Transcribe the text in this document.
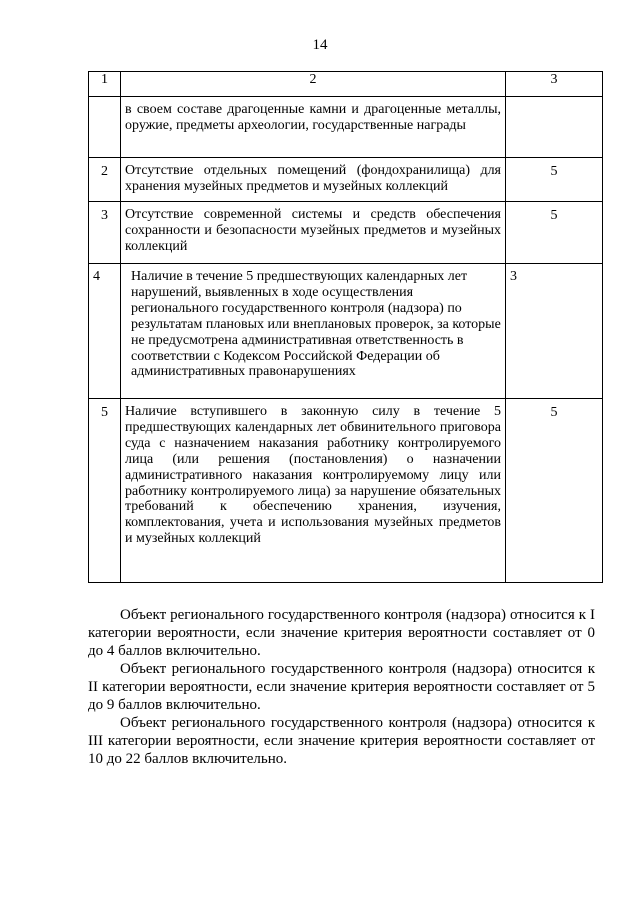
14
1	2	3
	в своем составе драгоценные камни и драгоценные металлы, оружие, предметы археологии, государственные награды	
2	Отсутствие отдельных помещений (фондохранилища) для хранения музейных предметов и музейных коллекций	5
3	Отсутствие современной системы и средств обеспечения сохранности и безопасности музейных предметов и музейных коллекций	5
4	Наличие в течение 5 предшествующих календарных лет нарушений, выявленных в ходе осуществления регионального государственного контроля (надзора) по результатам плановых или внеплановых проверок, за которые не предусмотрена административная ответственность в соответствии с Кодексом Российской Федерации об административных правонарушениях	3
5	Наличие вступившего в законную силу в течение 5 предшествующих календарных лет обвинительного приговора суда с назначением наказания работнику контролируемого лица (или решения (постановления) о назначении административного наказания контролируемому лицу или работнику контролируемого лица) за нарушение обязательных требований к обеспечению хранения, изучения, комплектования, учета и использования музейных предметов и музейных коллекций	5

Объект регионального государственного контроля (надзора) относится к I категории вероятности, если значение критерия вероятности составляет от 0 до 4 баллов включительно.

Объект регионального государственного контроля (надзора) относится к II категории вероятности, если значение критерия вероятности составляет от 5 до 9 баллов включительно.

Объект регионального государственного контроля (надзора) относится к III категории вероятности, если значение критерия вероятности составляет от 10 до 22 баллов включительно.
